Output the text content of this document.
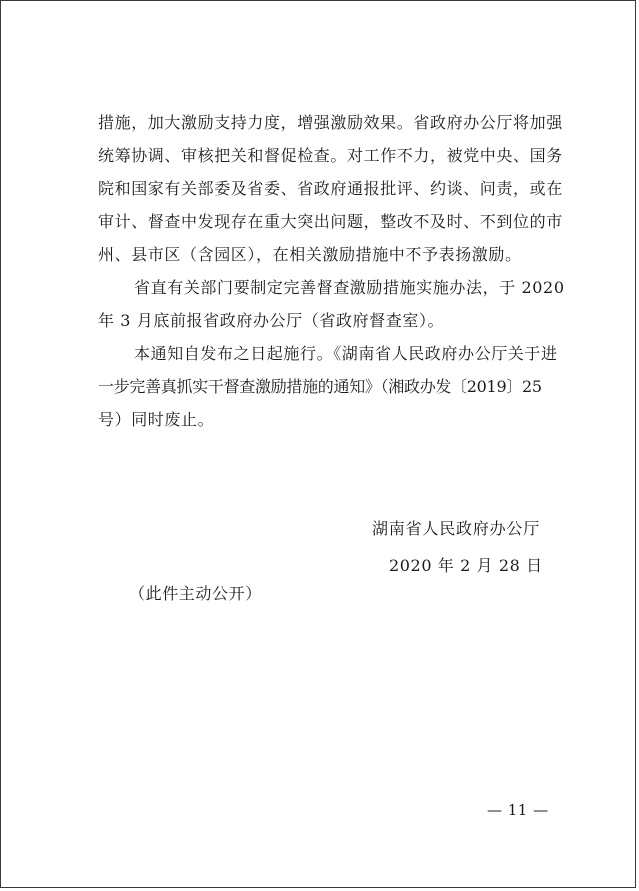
措施，加大激励支持力度，增强激励效果。省政府办公厅将加强
统筹协调、审核把关和督促检查。对工作不力，被党中央、国务
院和国家有关部委及省委、省政府通报批评、约谈、问责，或在
审计、督查中发现存在重大突出问题，整改不及时、不到位的市
州、县市区（含园区），在相关激励措施中不予表扬激励。
省直有关部门要制定完善督查激励措施实施办法，于 2020
年 3 月底前报省政府办公厅（省政府督查室）。
本通知自发布之日起施行。《湖南省人民政府办公厅关于进
一步完善真抓实干督查激励措施的通知》（湘政办发〔2019〕25
号）同时废止。
湖南省人民政府办公厅
2020 年 2 月 28 日
（此件主动公开）
— 11 —
